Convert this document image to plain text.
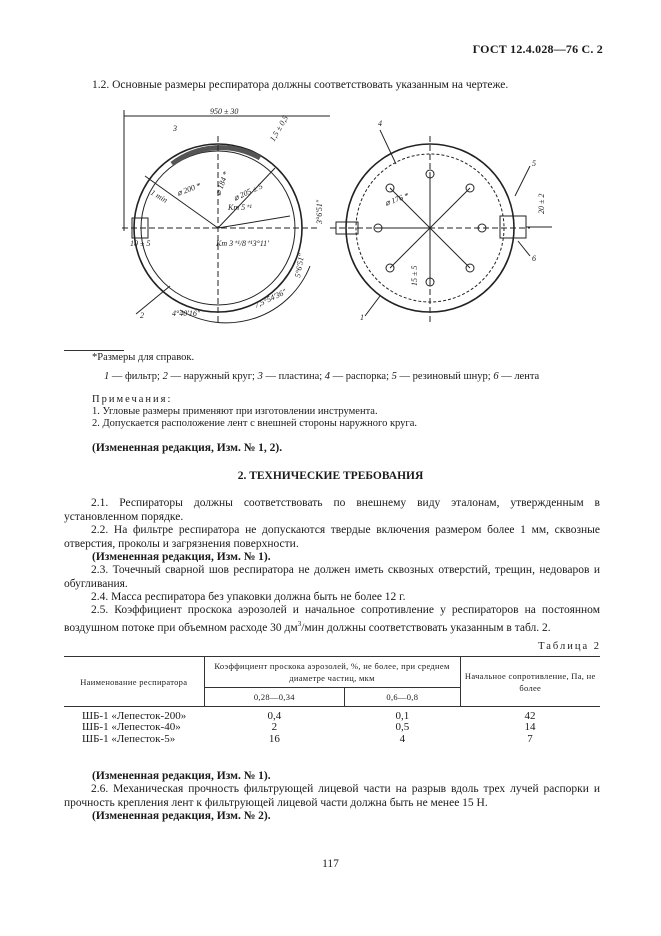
ГОСТ 12.4.028—76 С. 2
1.2. Основные размеры респиратора должны соответствовать указанным на чертеже.
950 ± 30
3	1,5 ± 0,5
1 min ⌀ 200 * ⌀ 184 * ⌀ 205 ± 5
Km 5⁺¹
Km 3⁺¹/8⁺¹3°11'
10 ± 5
2	4°40'16"
7,5°54'36"
5°6'51"
3°6'51"
4
⌀ 176 *
5
20 ± 2
6
15 ± 5
1
*Размеры для справок.
1 — фильтр; 2 — наружный круг; 3 — пластина; 4 — распорка; 5 — резиновый шнур; 6 — лента
Примечания:
1. Угловые размеры применяют при изготовлении инструмента.
2. Допускается расположение лент с внешней стороны наружного круга.
(Измененная редакция, Изм. № 1, 2).
2. ТЕХНИЧЕСКИЕ ТРЕБОВАНИЯ
2.1. Респираторы должны соответствовать по внешнему виду эталонам, утвержденным в установленном порядке.
2.2. На фильтре респиратора не допускаются твердые включения размером более 1 мм, сквозные отверстия, проколы и загрязнения поверхности.
(Измененная редакция, Изм. № 1).
2.3. Точечный сварной шов респиратора не должен иметь сквозных отверстий, трещин, недоваров и обугливания.
2.4. Масса респиратора без упаковки должна быть не более 12 г.
2.5. Коэффициент проскока аэрозолей и начальное сопротивление у респираторов на постоянном воздушном потоке при объемном расходе 30 $дм^3$/мин должны соответствовать указанным в табл. 2.
Таблица 2
Наименование респиратора	Коэффициент проскока аэрозолей, %, не более, при среднем диаметре частиц, мкм		Начальное сопротивление, Па, не более
	0,28—0,34	0,6—0,8	

ШБ-1 «Лепесток-200»	0,4	0,1	42
ШБ-1 «Лепесток-40»	2	0,5	14
ШБ-1 «Лепесток-5»	16	4	7
(Измененная редакция, Изм. № 1).
2.6. Механическая прочность фильтрующей лицевой части на разрыв вдоль трех лучей распорки и прочность крепления лент к фильтрующей лицевой части должна быть не менее 15 Н.
(Измененная редакция, Изм. № 2).
117
